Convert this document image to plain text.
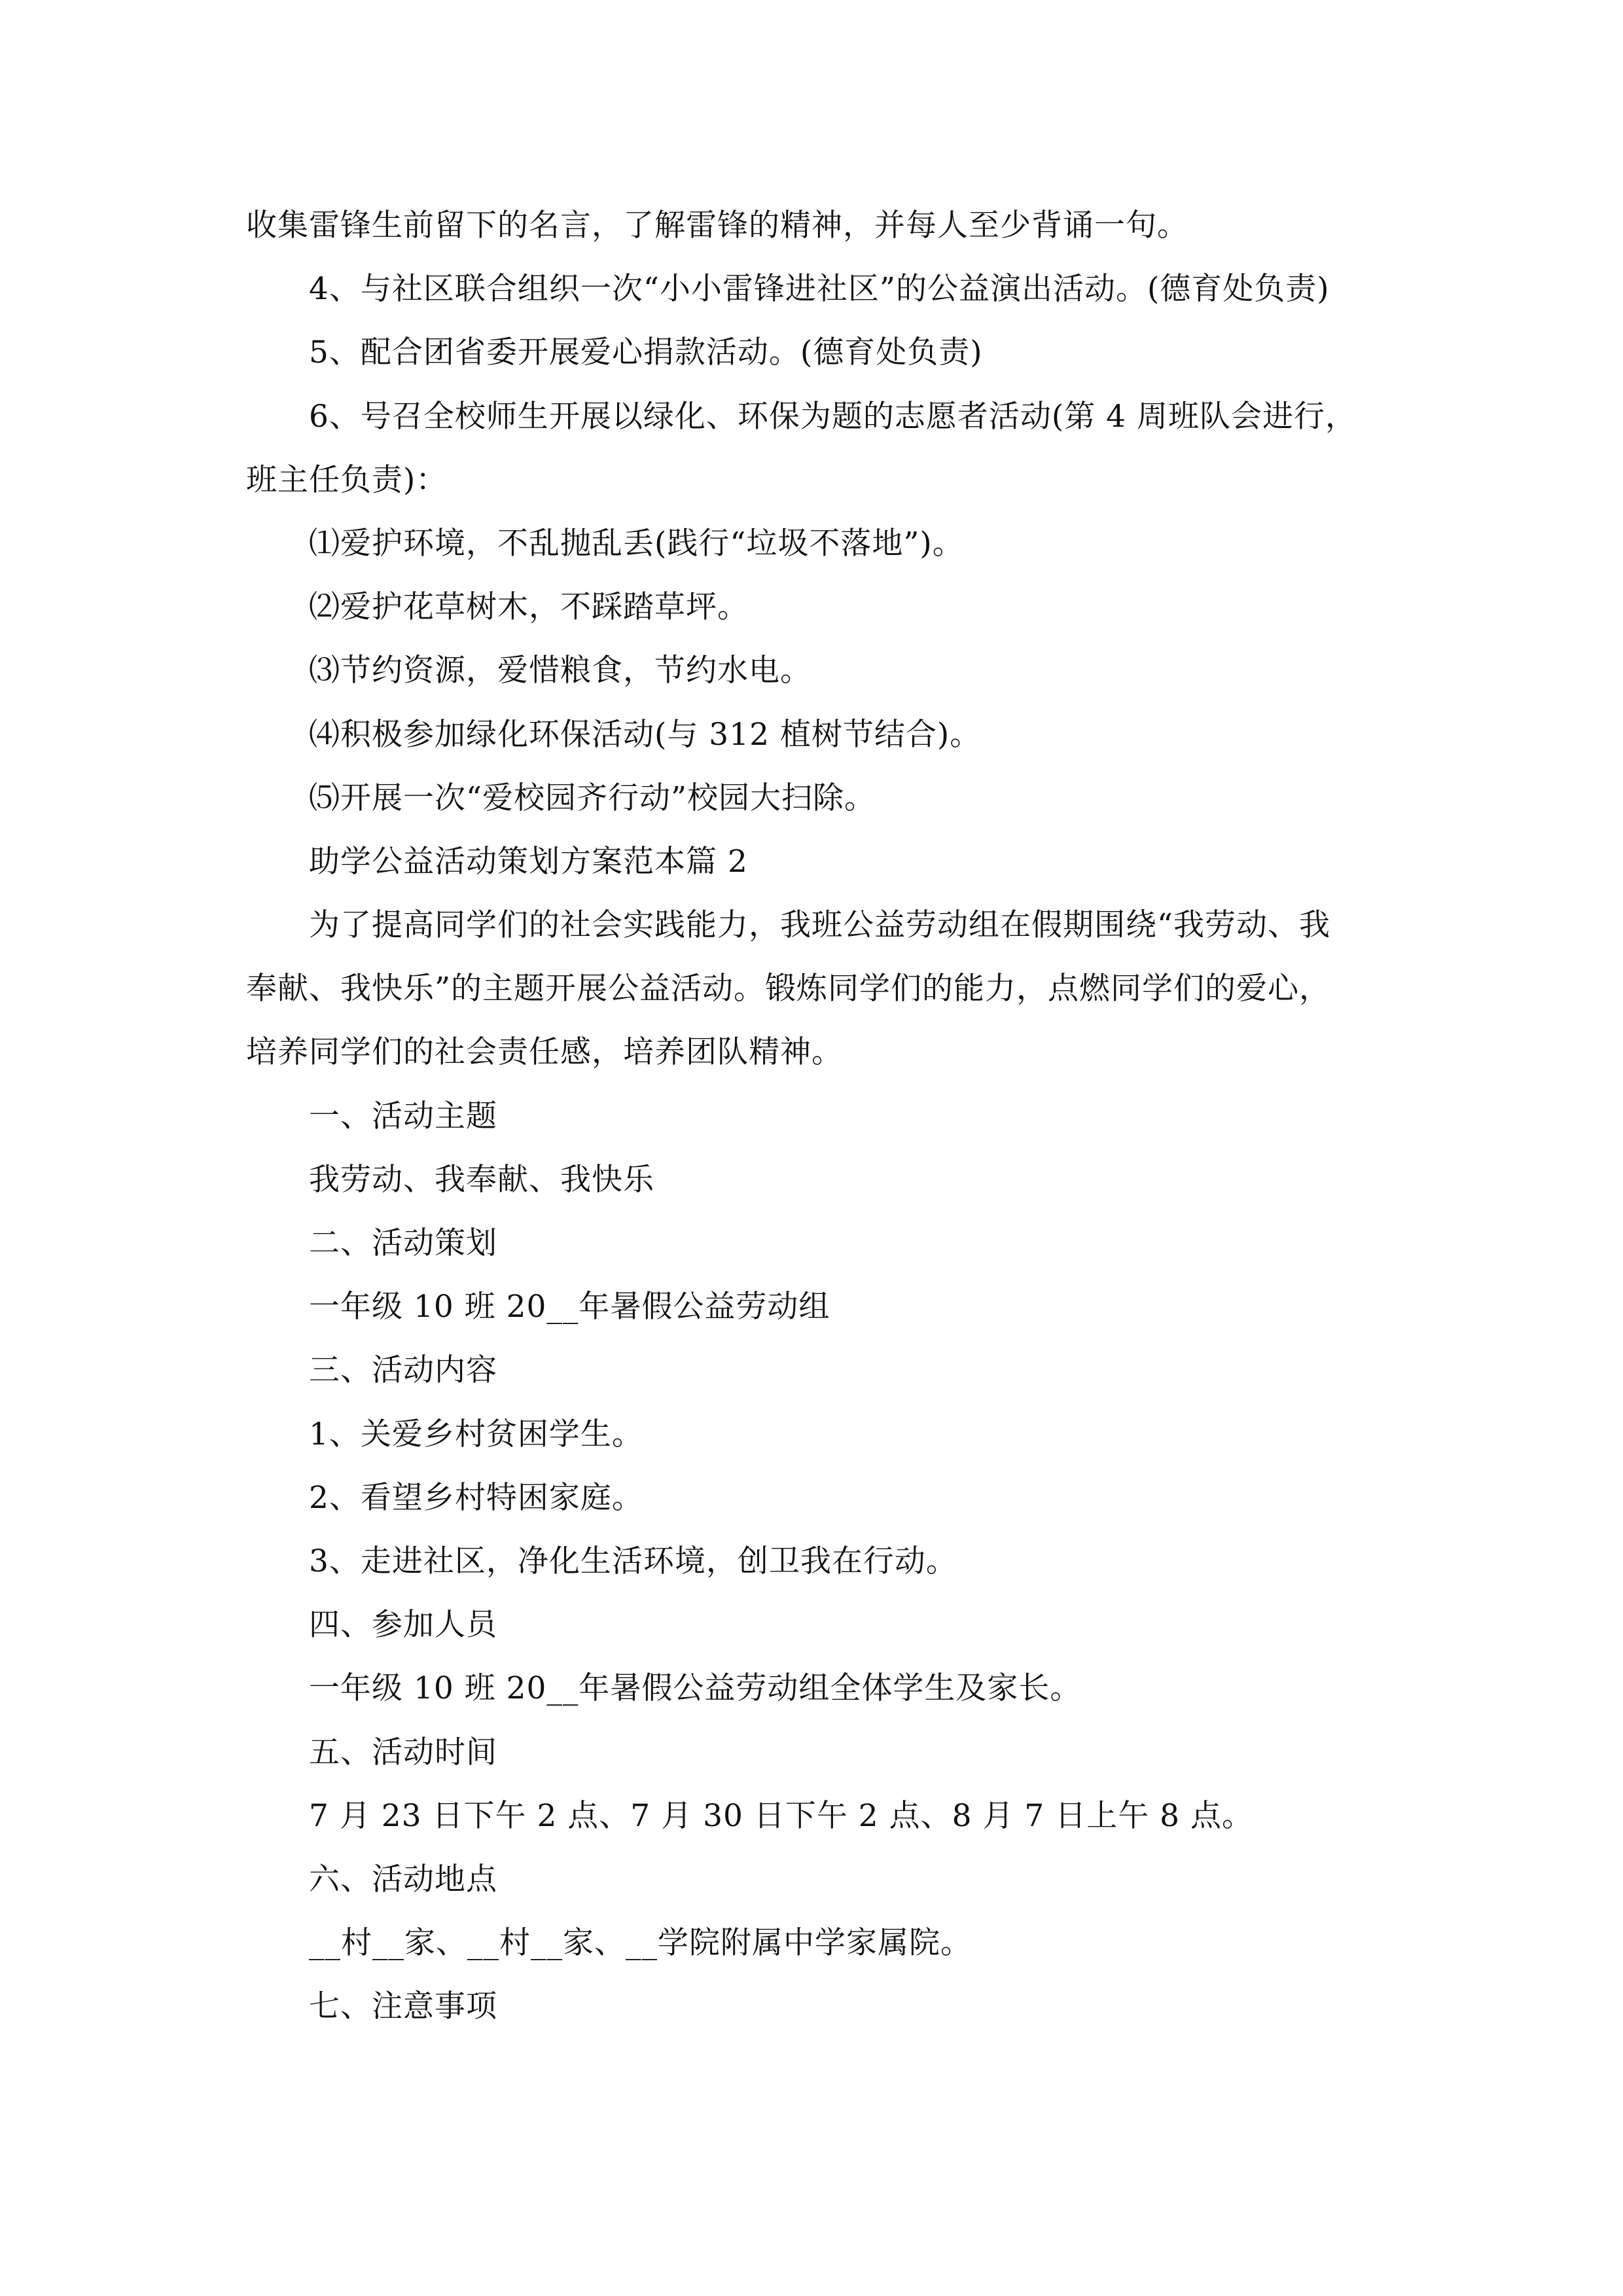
收集雷锋生前留下的名言，了解雷锋的精神，并每人至少背诵一句。
4、与社区联合组织一次“小小雷锋进社区”的公益演出活动。(德育处负责)
5、配合团省委开展爱心捐款活动。(德育处负责)
6、号召全校师生开展以绿化、环保为题的志愿者活动(第 4 周班队会进行，
班主任负责)：
⑴爱护环境，不乱抛乱丢(践行“垃圾不落地”)。
⑵爱护花草树木，不踩踏草坪。
⑶节约资源，爱惜粮食，节约水电。
⑷积极参加绿化环保活动(与 312 植树节结合)。
⑸开展一次“爱校园齐行动”校园大扫除。
助学公益活动策划方案范本篇 2
为了提高同学们的社会实践能力，我班公益劳动组在假期围绕“我劳动、我
奉献、我快乐”的主题开展公益活动。锻炼同学们的能力，点燃同学们的爱心，
培养同学们的社会责任感，培养团队精神。
一、活动主题
我劳动、我奉献、我快乐
二、活动策划
一年级 10 班 20__年暑假公益劳动组
三、活动内容
1、关爱乡村贫困学生。
2、看望乡村特困家庭。
3、走进社区，净化生活环境，创卫我在行动。
四、参加人员
一年级 10 班 20__年暑假公益劳动组全体学生及家长。
五、活动时间
7 月 23 日下午 2 点、7 月 30 日下午 2 点、8 月 7 日上午 8 点。
六、活动地点
__村__家、__村__家、__学院附属中学家属院。
七、注意事项
